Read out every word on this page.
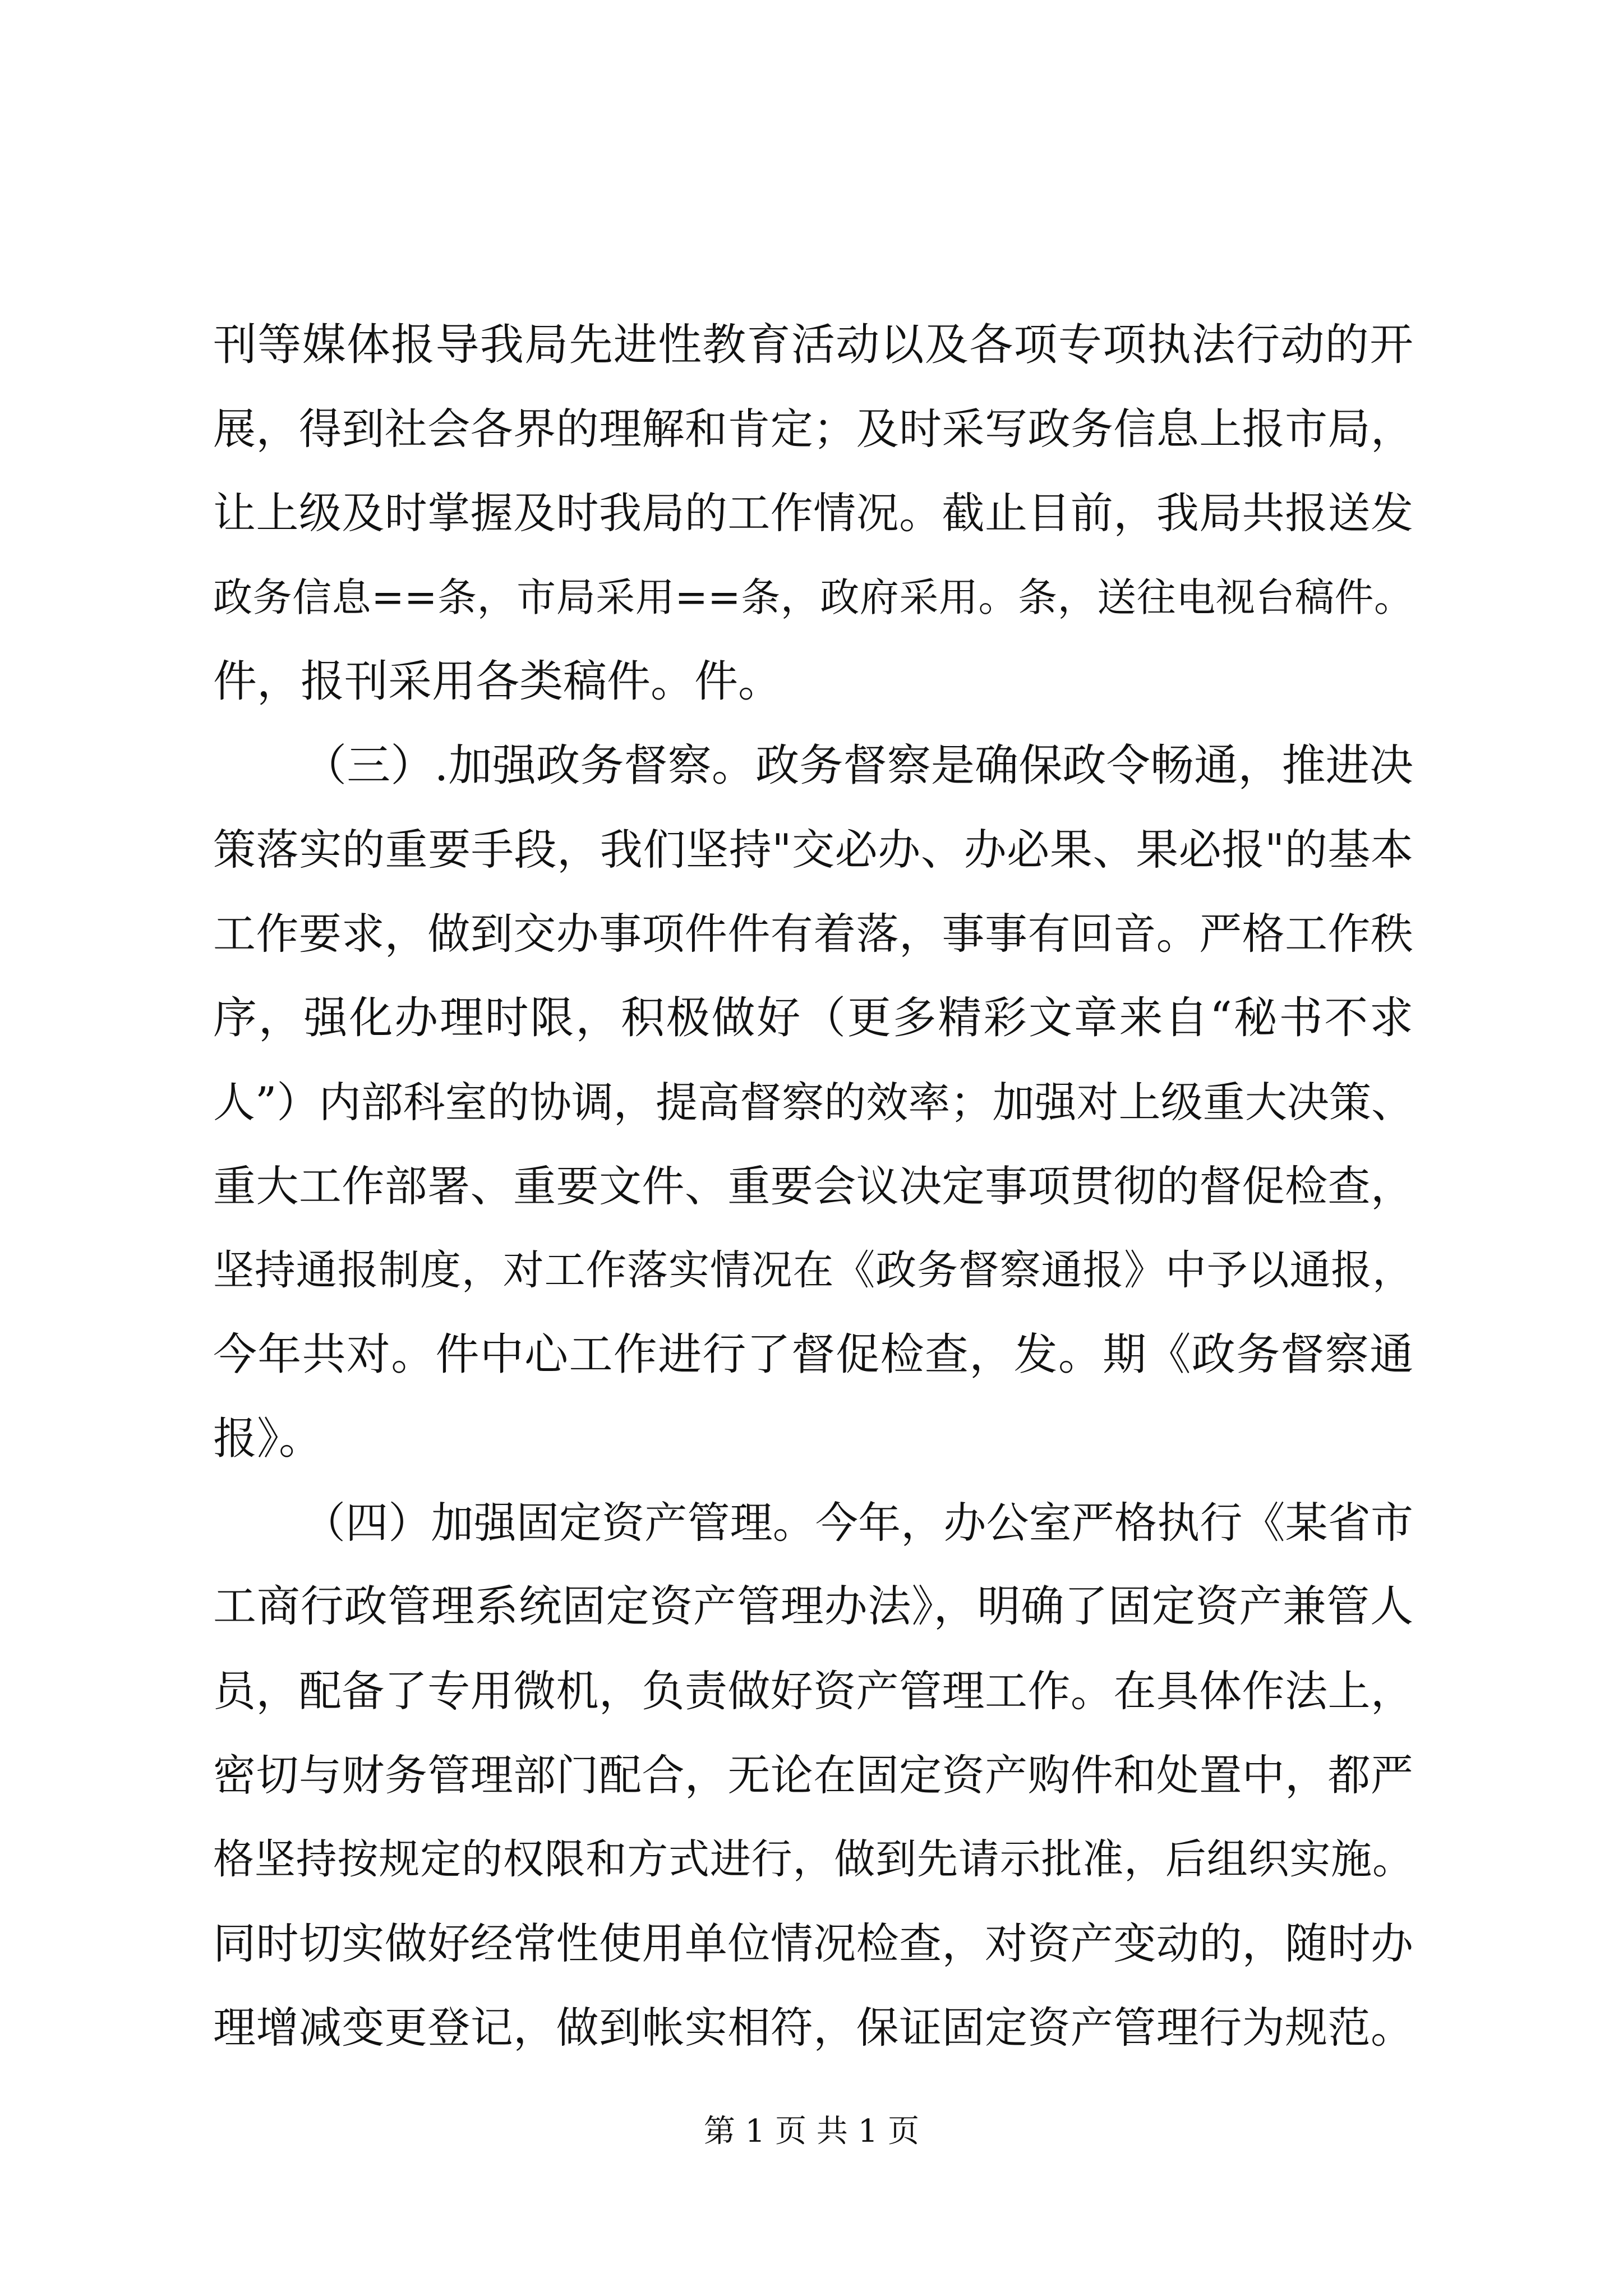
刊等媒体报导我局先进性教育活动以及各项专项执法行动的开
展，得到社会各界的理解和肯定；及时采写政务信息上报市局，
让上级及时掌握及时我局的工作情况。截止目前，我局共报送发
政务信息==条，市局采用==条，政府采用。条，送往电视台稿件。
件，报刊采用各类稿件。件。
（三）.加强政务督察。政务督察是确保政令畅通，推进决
策落实的重要手段，我们坚持"交必办、办必果、果必报"的基本
工作要求，做到交办事项件件有着落，事事有回音。严格工作秩
序，强化办理时限，积极做好（更多精彩文章来自“秘书不求
人”）内部科室的协调，提高督察的效率；加强对上级重大决策、
重大工作部署、重要文件、重要会议决定事项贯彻的督促检查，
坚持通报制度，对工作落实情况在《政务督察通报》中予以通报，
今年共对。件中心工作进行了督促检查，发。期《政务督察通
报》。
（四）加强固定资产管理。今年，办公室严格执行《某省市
工商行政管理系统固定资产管理办法》，明确了固定资产兼管人
员，配备了专用微机，负责做好资产管理工作。在具体作法上，
密切与财务管理部门配合，无论在固定资产购件和处置中，都严
格坚持按规定的权限和方式进行，做到先请示批准，后组织实施。
同时切实做好经常性使用单位情况检查，对资产变动的，随时办
理增减变更登记，做到帐实相符，保证固定资产管理行为规范。
第 1 页 共 1 页
